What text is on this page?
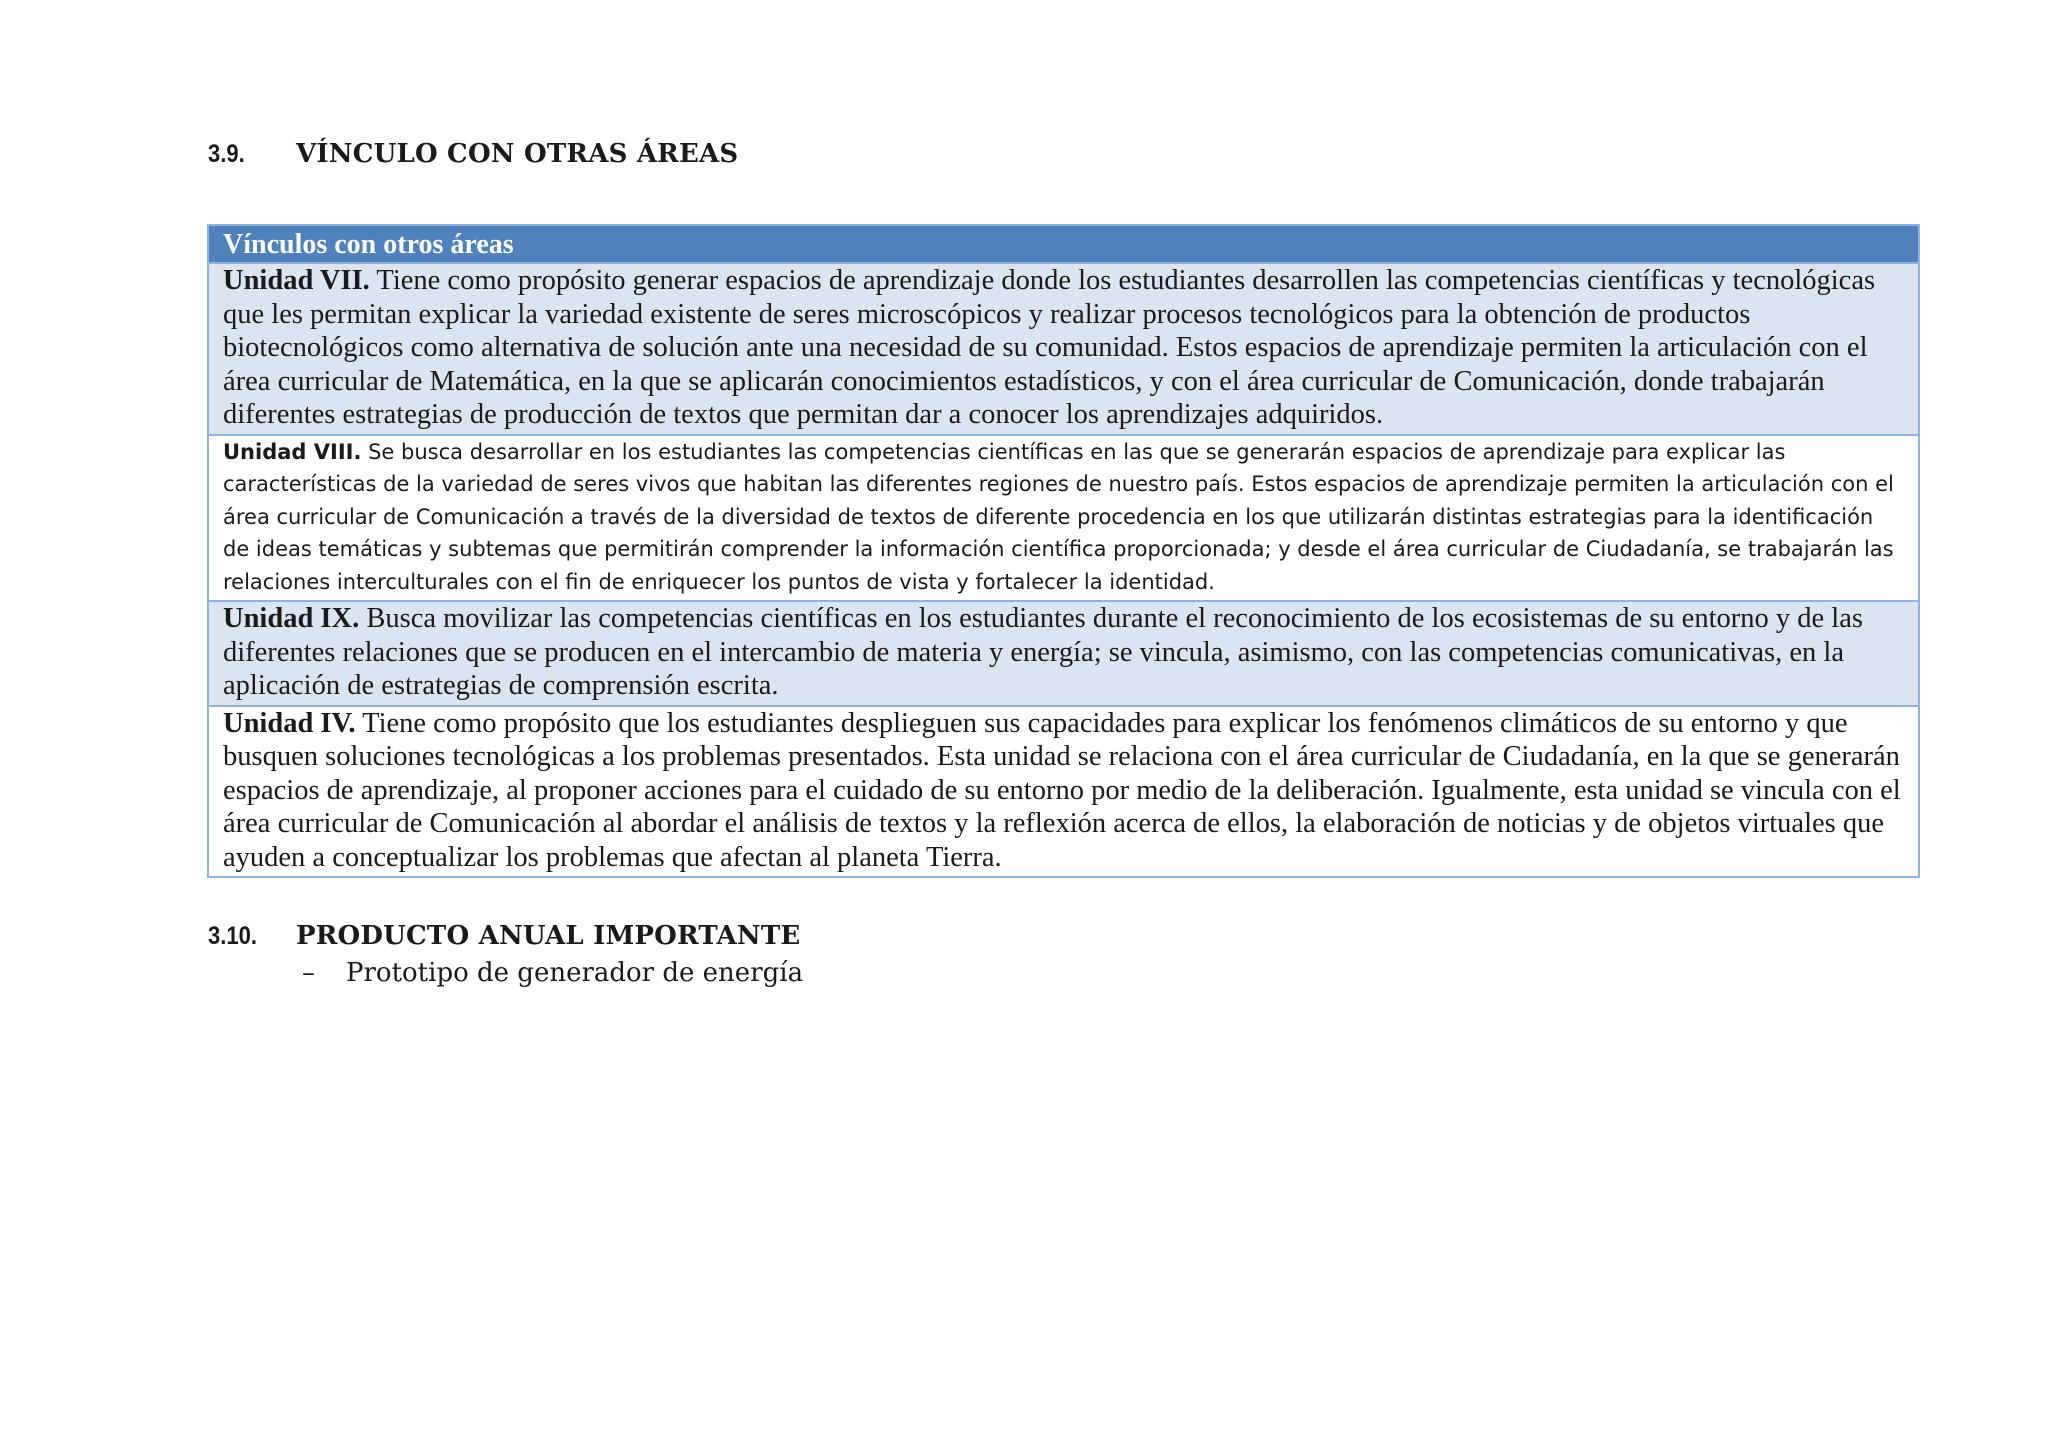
3.9.	VÍNCULO CON OTRAS ÁREAS
Vínculos con otros áreas
Unidad VII. Tiene como propósito generar espacios de aprendizaje donde los estudiantes desarrollen las competencias científicas y tecnológicas que les permitan explicar la variedad existente de seres microscópicos y realizar procesos tecnológicos para la obtención de productos biotecnológicos como alternativa de solución ante una necesidad de su comunidad. Estos espacios de aprendizaje permiten la articulación con el área curricular de Matemática, en la que se aplicarán conocimientos estadísticos, y con el área curricular de Comunicación, donde trabajarán diferentes estrategias de producción de textos que permitan dar a conocer los aprendizajes adquiridos.
Unidad VIII. Se busca desarrollar en los estudiantes las competencias científicas en las que se generarán espacios de aprendizaje para explicar las características de la variedad de seres vivos que habitan las diferentes regiones de nuestro país. Estos espacios de aprendizaje permiten la articulación con el área curricular de Comunicación a través de la diversidad de textos de diferente procedencia en los que utilizarán distintas estrategias para la identificación de ideas temáticas y subtemas que permitirán comprender la información científica proporcionada; y desde el área curricular de Ciudadanía, se trabajarán las relaciones interculturales con el fin de enriquecer los puntos de vista y fortalecer la identidad.
Unidad IX. Busca movilizar las competencias científicas en los estudiantes durante el reconocimiento de los ecosistemas de su entorno y de las diferentes relaciones que se producen en el intercambio de materia y energía; se vincula, asimismo, con las competencias comunicativas, en la aplicación de estrategias de comprensión escrita.
Unidad IV. Tiene como propósito que los estudiantes desplieguen sus capacidades para explicar los fenómenos climáticos de su entorno y que busquen soluciones tecnológicas a los problemas presentados. Esta unidad se relaciona con el área curricular de Ciudadanía, en la que se generarán espacios de aprendizaje, al proponer acciones para el cuidado de su entorno por medio de la deliberación. Igualmente, esta unidad se vincula con el área curricular de Comunicación al abordar el análisis de textos y la reflexión acerca de ellos, la elaboración de noticias y de objetos virtuales que ayuden a conceptualizar los problemas que afectan al planeta Tierra.
3.10.	PRODUCTO ANUAL IMPORTANTE
–	Prototipo de generador de energía
